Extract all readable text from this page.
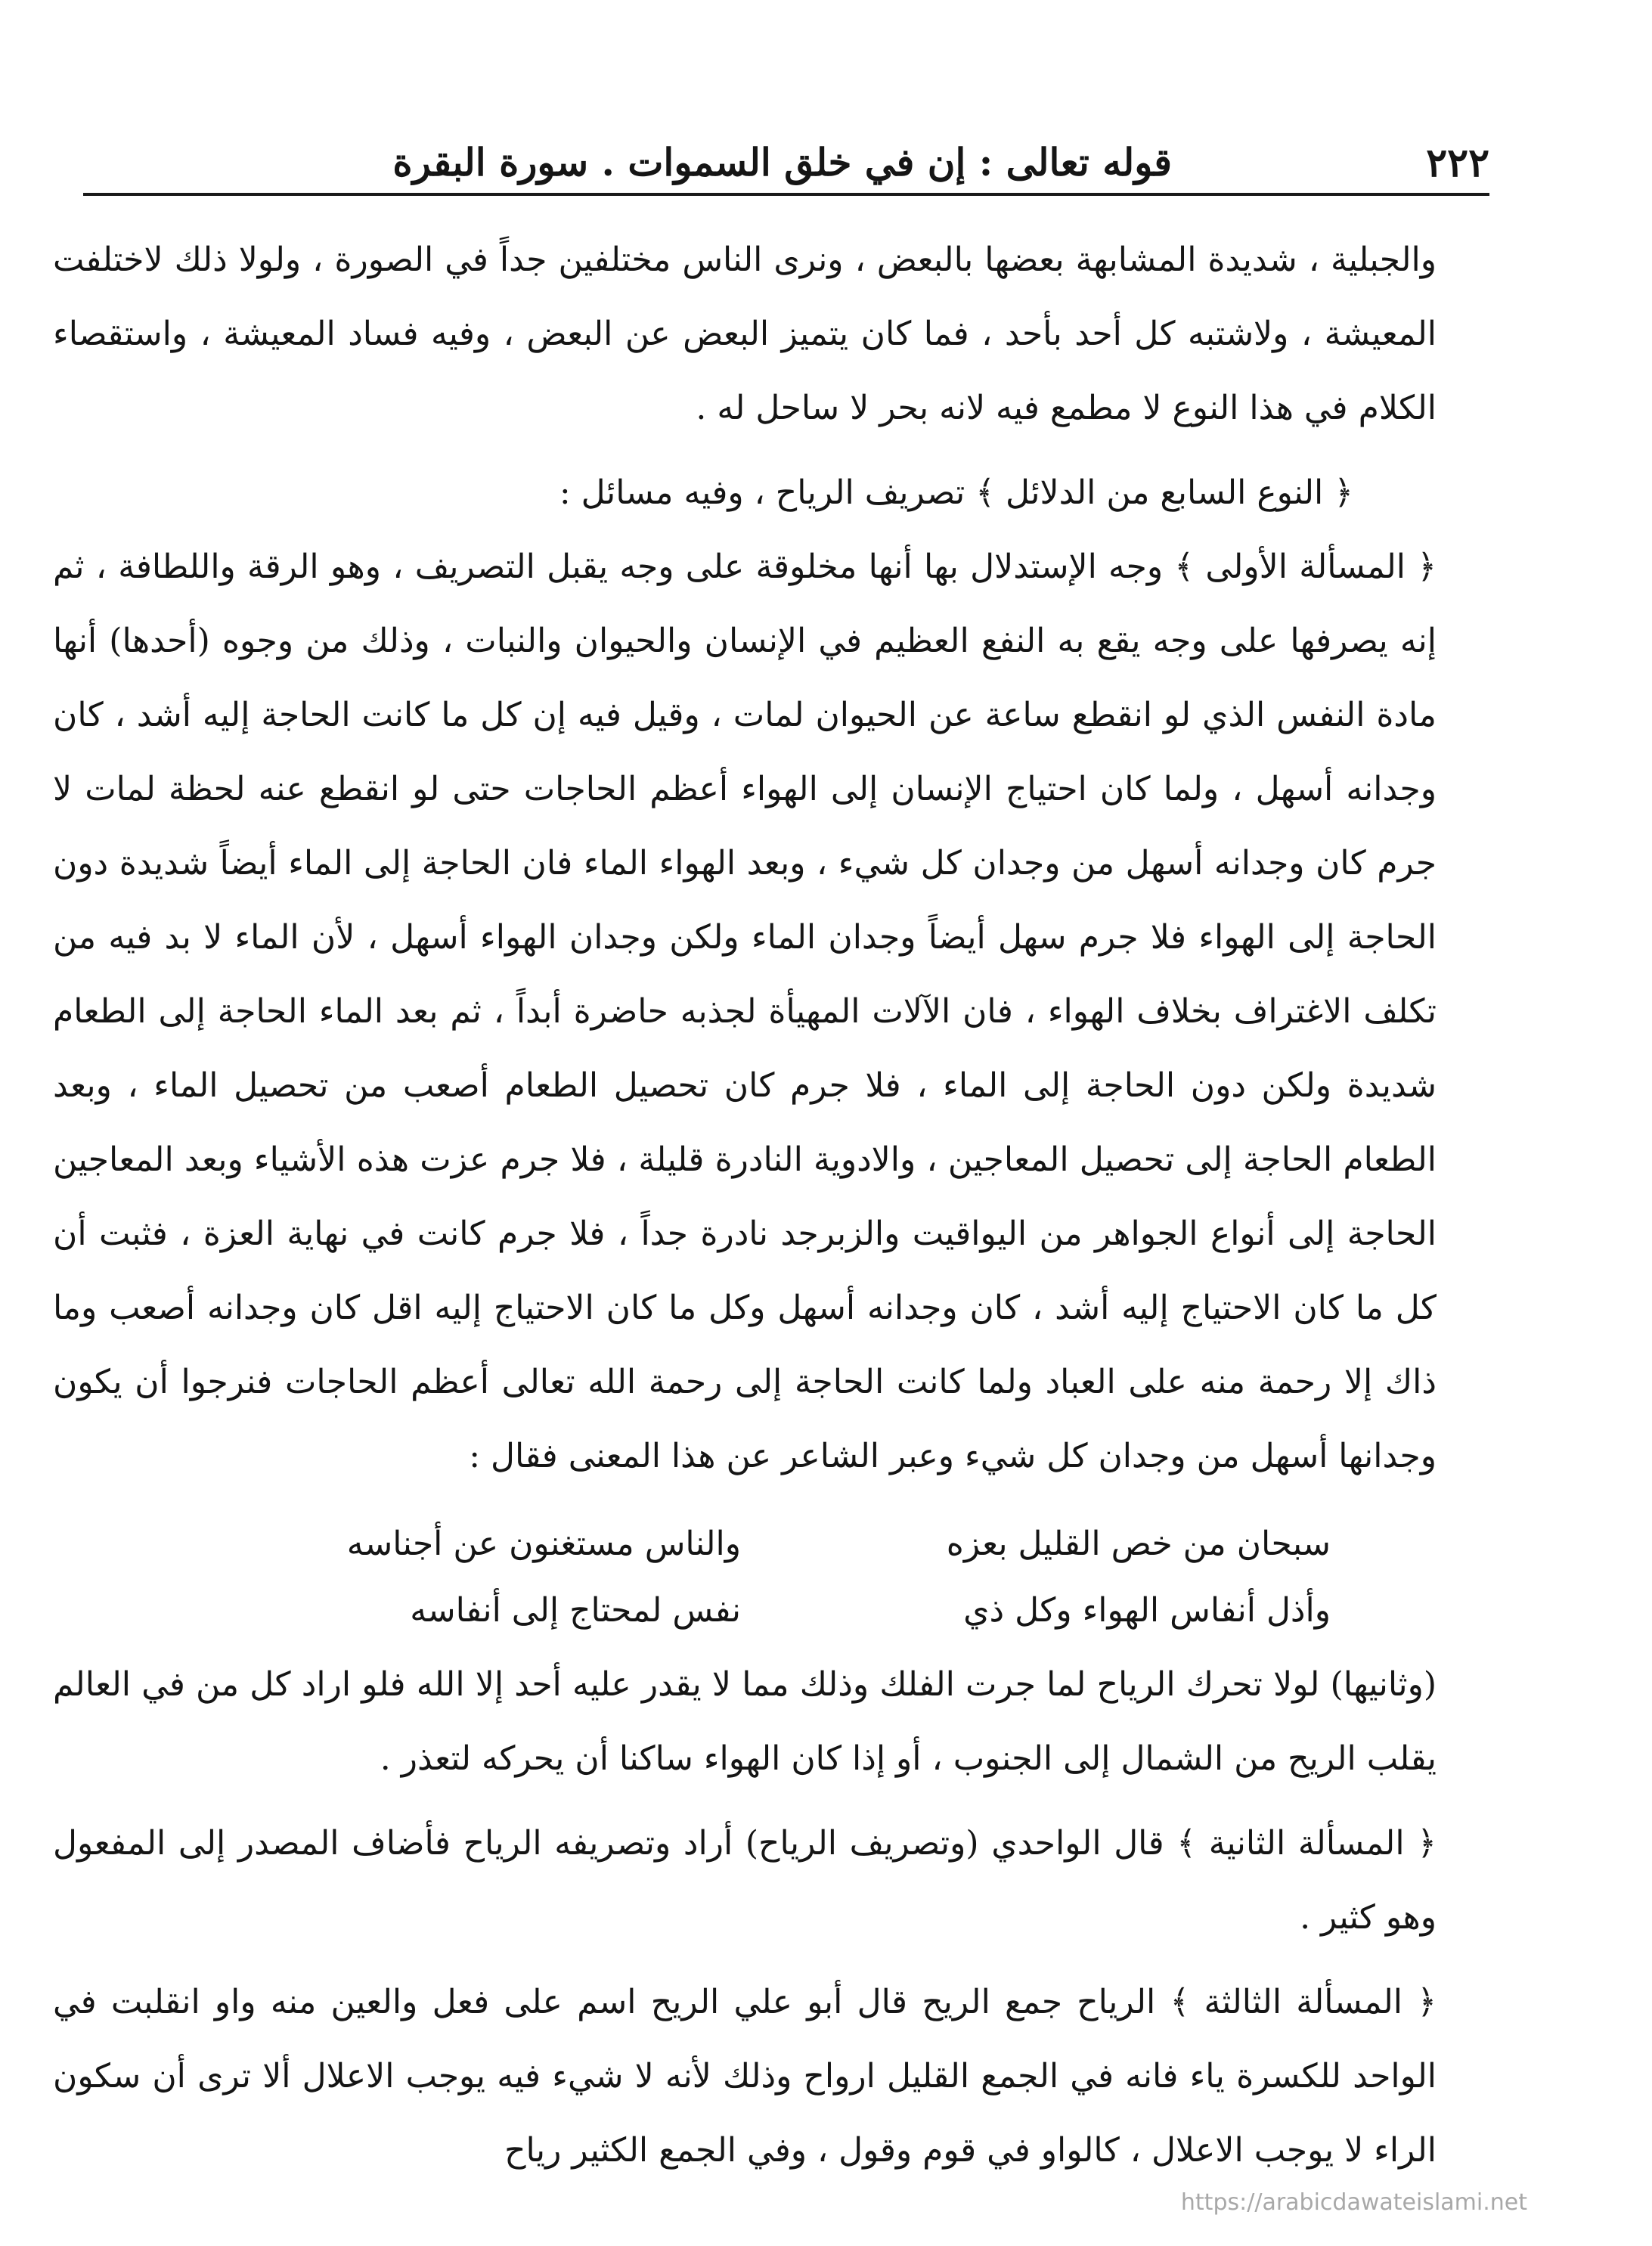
٢٢٢
قوله تعالى : إن في خلق السموات . سورة البقرة

والجبلية ، شديدة المشابهة بعضها بالبعض ، ونرى الناس مختلفين جداً في الصورة ، ولولا ذلك لاختلفت المعيشة ، ولاشتبه كل أحد بأحد ، فما كان يتميز البعض عن البعض ، وفيه فساد المعيشة ، واستقصاء الكلام في هذا النوع لا مطمع فيه لانه بحر لا ساحل له .

﴿ النوع السابع من الدلائل ﴾ تصريف الرياح ، وفيه مسائل :

﴿ المسألة الأولى ﴾ وجه الإستدلال بها أنها مخلوقة على وجه يقبل التصريف ، وهو الرقة واللطافة ، ثم إنه يصرفها على وجه يقع به النفع العظيم في الإنسان والحيوان والنبات ، وذلك من وجوه (أحدها) أنها مادة النفس الذي لو انقطع ساعة عن الحيوان لمات ، وقيل فيه إن كل ما كانت الحاجة إليه أشد ، كان وجدانه أسهل ، ولما كان احتياج الإنسان إلى الهواء أعظم الحاجات حتى لو انقطع عنه لحظة لمات لا جرم كان وجدانه أسهل من وجدان كل شيء ، وبعد الهواء الماء فان الحاجة إلى الماء أيضاً شديدة دون الحاجة إلى الهواء فلا جرم سهل أيضاً وجدان الماء ولكن وجدان الهواء أسهل ، لأن الماء لا بد فيه من تكلف الاغتراف بخلاف الهواء ، فان الآلات المهيأة لجذبه حاضرة أبداً ، ثم بعد الماء الحاجة إلى الطعام شديدة ولكن دون الحاجة إلى الماء ، فلا جرم كان تحصيل الطعام أصعب من تحصيل الماء ، وبعد الطعام الحاجة إلى تحصيل المعاجين ، والادوية النادرة قليلة ، فلا جرم عزت هذه الأشياء وبعد المعاجين الحاجة إلى أنواع الجواهر من اليواقيت والزبرجد نادرة جداً ، فلا جرم كانت في نهاية العزة ، فثبت أن كل ما كان الاحتياج إليه أشد ، كان وجدانه أسهل وكل ما كان الاحتياج إليه اقل كان وجدانه أصعب وما ذاك إلا رحمة منه على العباد ولما كانت الحاجة إلى رحمة الله تعالى أعظم الحاجات فنرجوا أن يكون وجدانها أسهل من وجدان كل شيء وعبر الشاعر عن هذا المعنى فقال :

سبحان من خص القليل بعزه
والناس مستغنون عن أجناسه
وأذل أنفاس الهواء وكل ذي
نفس لمحتاج إلى أنفاسه

(وثانيها) لولا تحرك الرياح لما جرت الفلك وذلك مما لا يقدر عليه أحد إلا الله فلو اراد كل من في العالم يقلب الريح من الشمال إلى الجنوب ، أو إذا كان الهواء ساكنا أن يحركه لتعذر .

﴿ المسألة الثانية ﴾ قال الواحدي (وتصريف الرياح) أراد وتصريفه الرياح فأضاف المصدر إلى المفعول وهو كثير .

﴿ المسألة الثالثة ﴾ الرياح جمع الريح قال أبو علي الريح اسم على فعل والعين منه واو انقلبت في الواحد للكسرة ياء فانه في الجمع القليل ارواح وذلك لأنه لا شيء فيه يوجب الاعلال ألا ترى أن سكون الراء لا يوجب الاعلال ، كالواو في قوم وقول ، وفي الجمع الكثير رياح

https://arabicdawateislami.net
